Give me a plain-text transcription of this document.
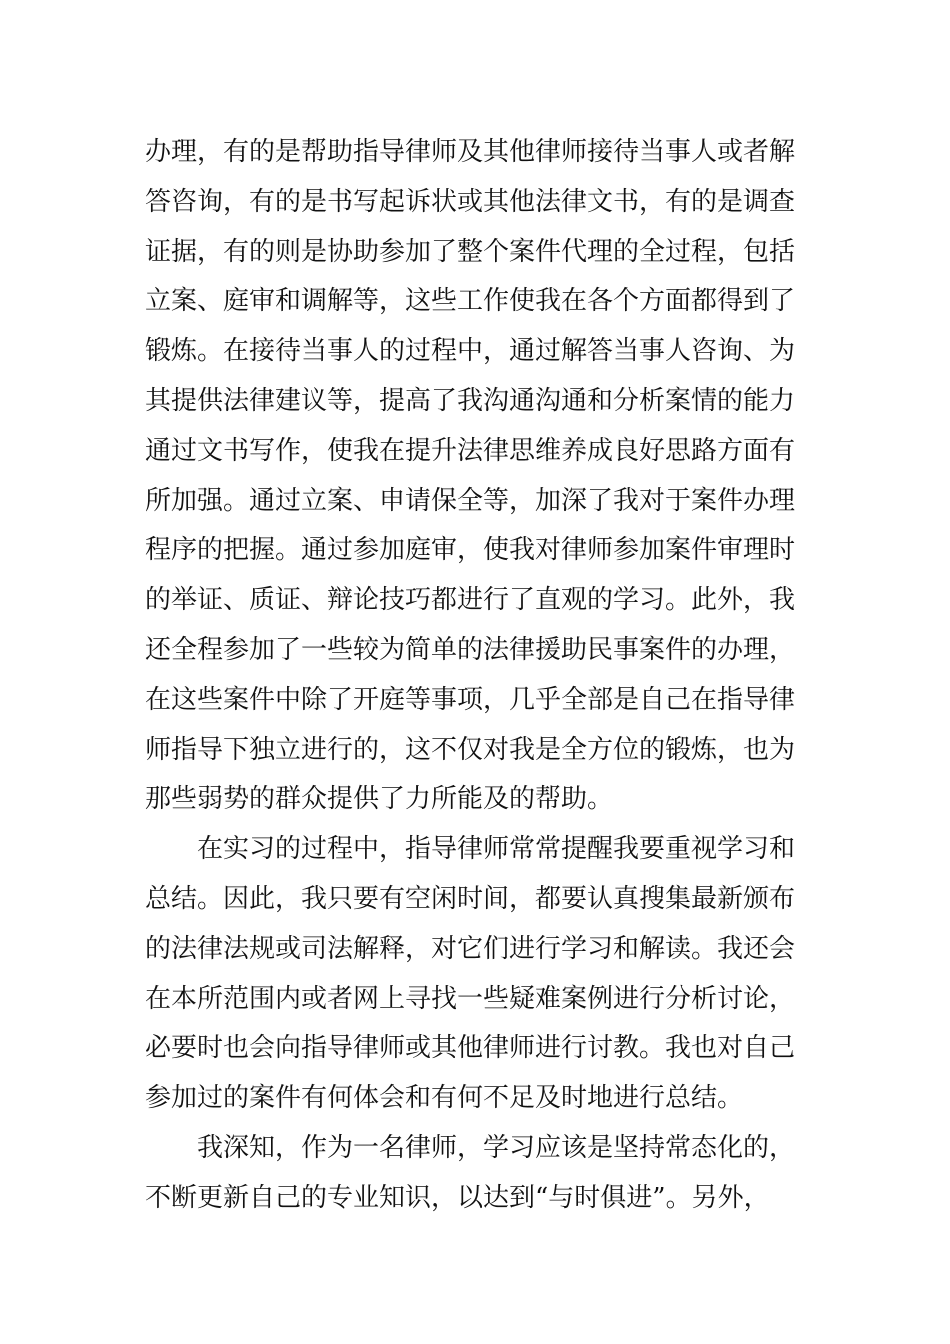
办理，有的是帮助指导律师及其他律师接待当事人或者解
答咨询，有的是书写起诉状或其他法律文书，有的是调查
证据，有的则是协助参加了整个案件代理的全过程，包括
立案、庭审和调解等，这些工作使我在各个方面都得到了
锻炼。在接待当事人的过程中，通过解答当事人咨询、为
其提供法律建议等，提高了我沟通沟通和分析案情的能力
通过文书写作，使我在提升法律思维养成良好思路方面有
所加强。通过立案、申请保全等，加深了我对于案件办理
程序的把握。通过参加庭审，使我对律师参加案件审理时
的举证、质证、辩论技巧都进行了直观的学习。此外，我
还全程参加了一些较为简单的法律援助民事案件的办理，
在这些案件中除了开庭等事项，几乎全部是自己在指导律
师指导下独立进行的，这不仅对我是全方位的锻炼，也为
那些弱势的群众提供了力所能及的帮助。
在实习的过程中，指导律师常常提醒我要重视学习和
总结。因此，我只要有空闲时间，都要认真搜集最新颁布
的法律法规或司法解释，对它们进行学习和解读。我还会
在本所范围内或者网上寻找一些疑难案例进行分析讨论，
必要时也会向指导律师或其他律师进行讨教。我也对自己
参加过的案件有何体会和有何不足及时地进行总结。
我深知，作为一名律师，学习应该是坚持常态化的，
不断更新自己的专业知识，以达到“与时俱进”。另外，
